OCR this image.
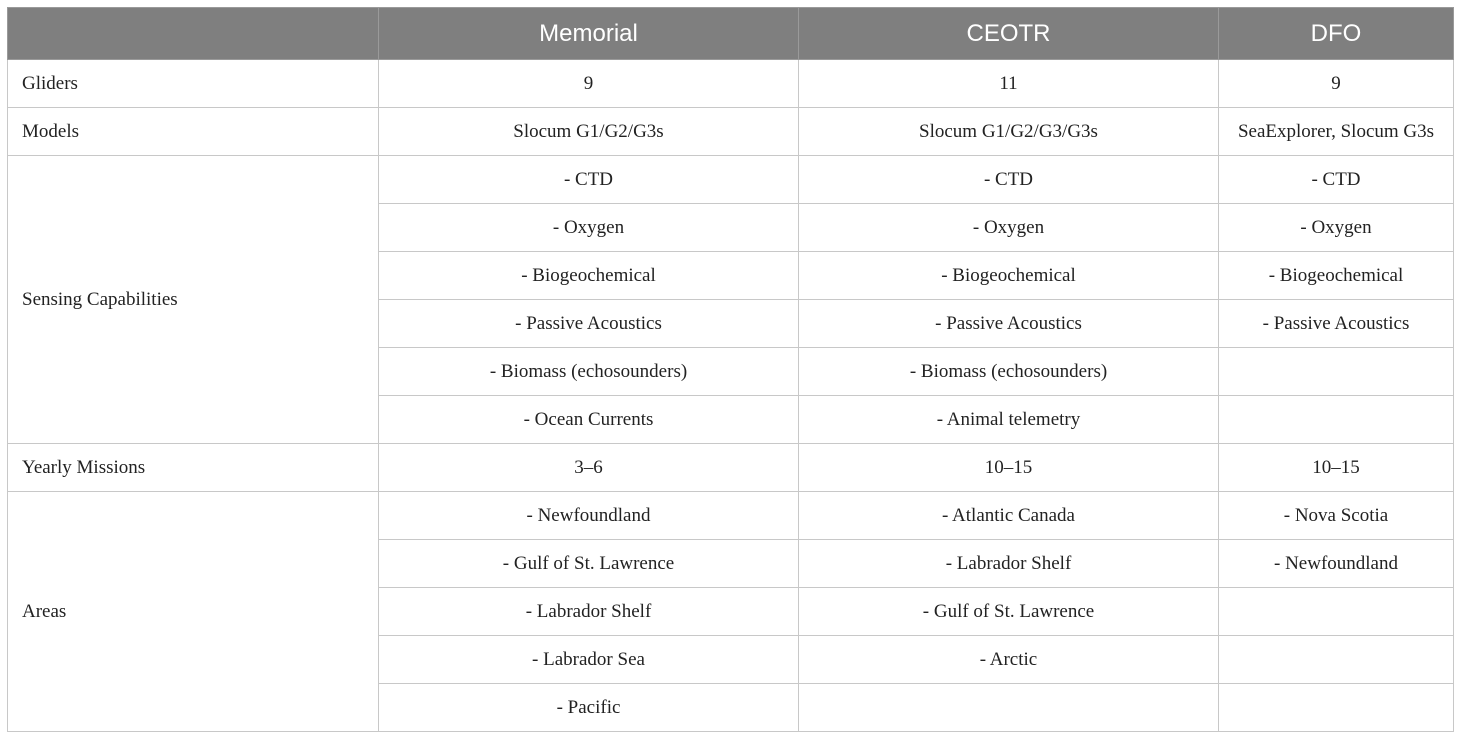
	Memorial	CEOTR	DFO
Gliders	9	11	9
Models	Slocum G1/G2/G3s	Slocum G1/G2/G3/G3s	SeaExplorer, Slocum G3s
Sensing Capabilities	- CTD	- CTD	- CTD
	- Oxygen	- Oxygen	- Oxygen
	- Biogeochemical	- Biogeochemical	- Biogeochemical
	- Passive Acoustics	- Passive Acoustics	- Passive Acoustics
	- Biomass (echosounders)	- Biomass (echosounders)	
	- Ocean Currents	- Animal telemetry	
Yearly Missions	3–6	10–15	10–15
Areas	- Newfoundland	- Atlantic Canada	- Nova Scotia
	- Gulf of St. Lawrence	- Labrador Shelf	- Newfoundland
	- Labrador Shelf	- Gulf of St. Lawrence	
	- Labrador Sea	- Arctic	
	- Pacific		
